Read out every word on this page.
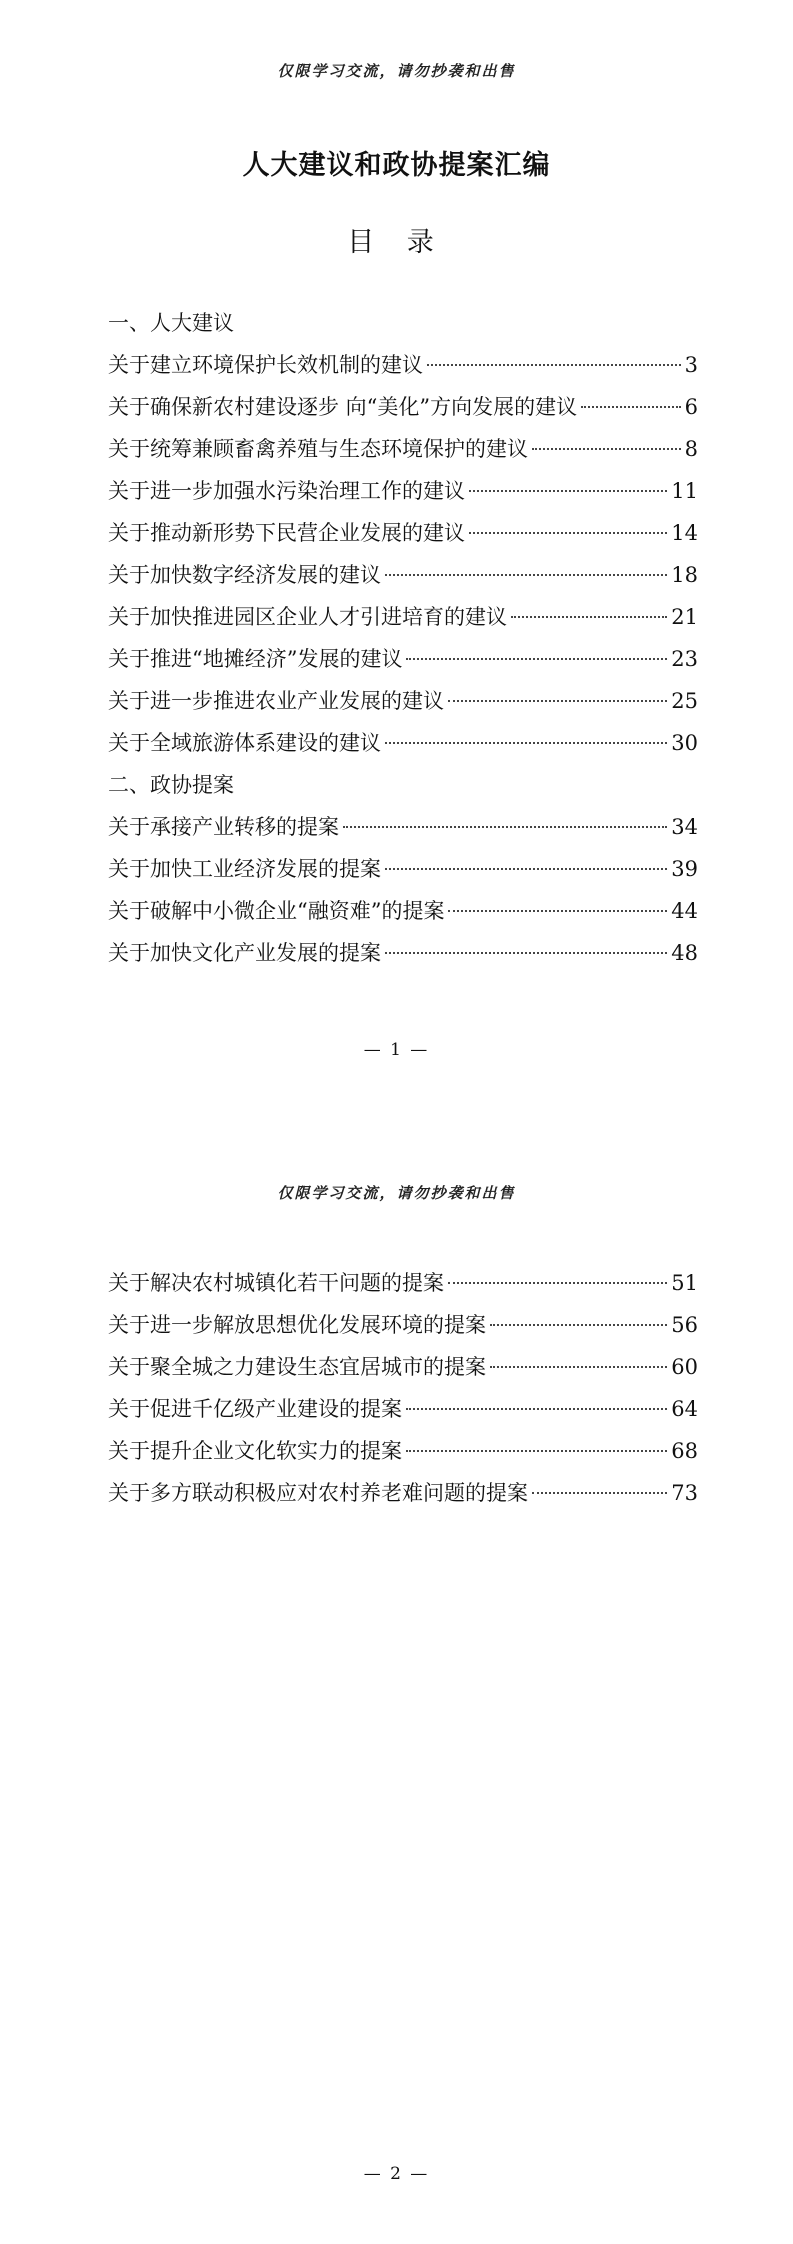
仅限学习交流，请勿抄袭和出售
人大建议和政协提案汇编
目 录
一、人大建议
关于建立环境保护长效机制的建议	3
关于确保新农村建设逐步 向“美化”方向发展的建议	6
关于统筹兼顾畜禽养殖与生态环境保护的建议	8
关于进一步加强水污染治理工作的建议	11
关于推动新形势下民营企业发展的建议	14
关于加快数字经济发展的建议	18
关于加快推进园区企业人才引进培育的建议	21
关于推进“地摊经济”发展的建议	23
关于进一步推进农业产业发展的建议	25
关于全域旅游体系建设的建议	30
二、政协提案
关于承接产业转移的提案	34
关于加快工业经济发展的提案	39
关于破解中小微企业“融资难”的提案	44
关于加快文化产业发展的提案	48
— 1 —
仅限学习交流，请勿抄袭和出售
关于解决农村城镇化若干问题的提案	51
关于进一步解放思想优化发展环境的提案	56
关于聚全城之力建设生态宜居城市的提案	60
关于促进千亿级产业建设的提案	64
关于提升企业文化软实力的提案	68
关于多方联动积极应对农村养老难问题的提案	73
— 2 —
